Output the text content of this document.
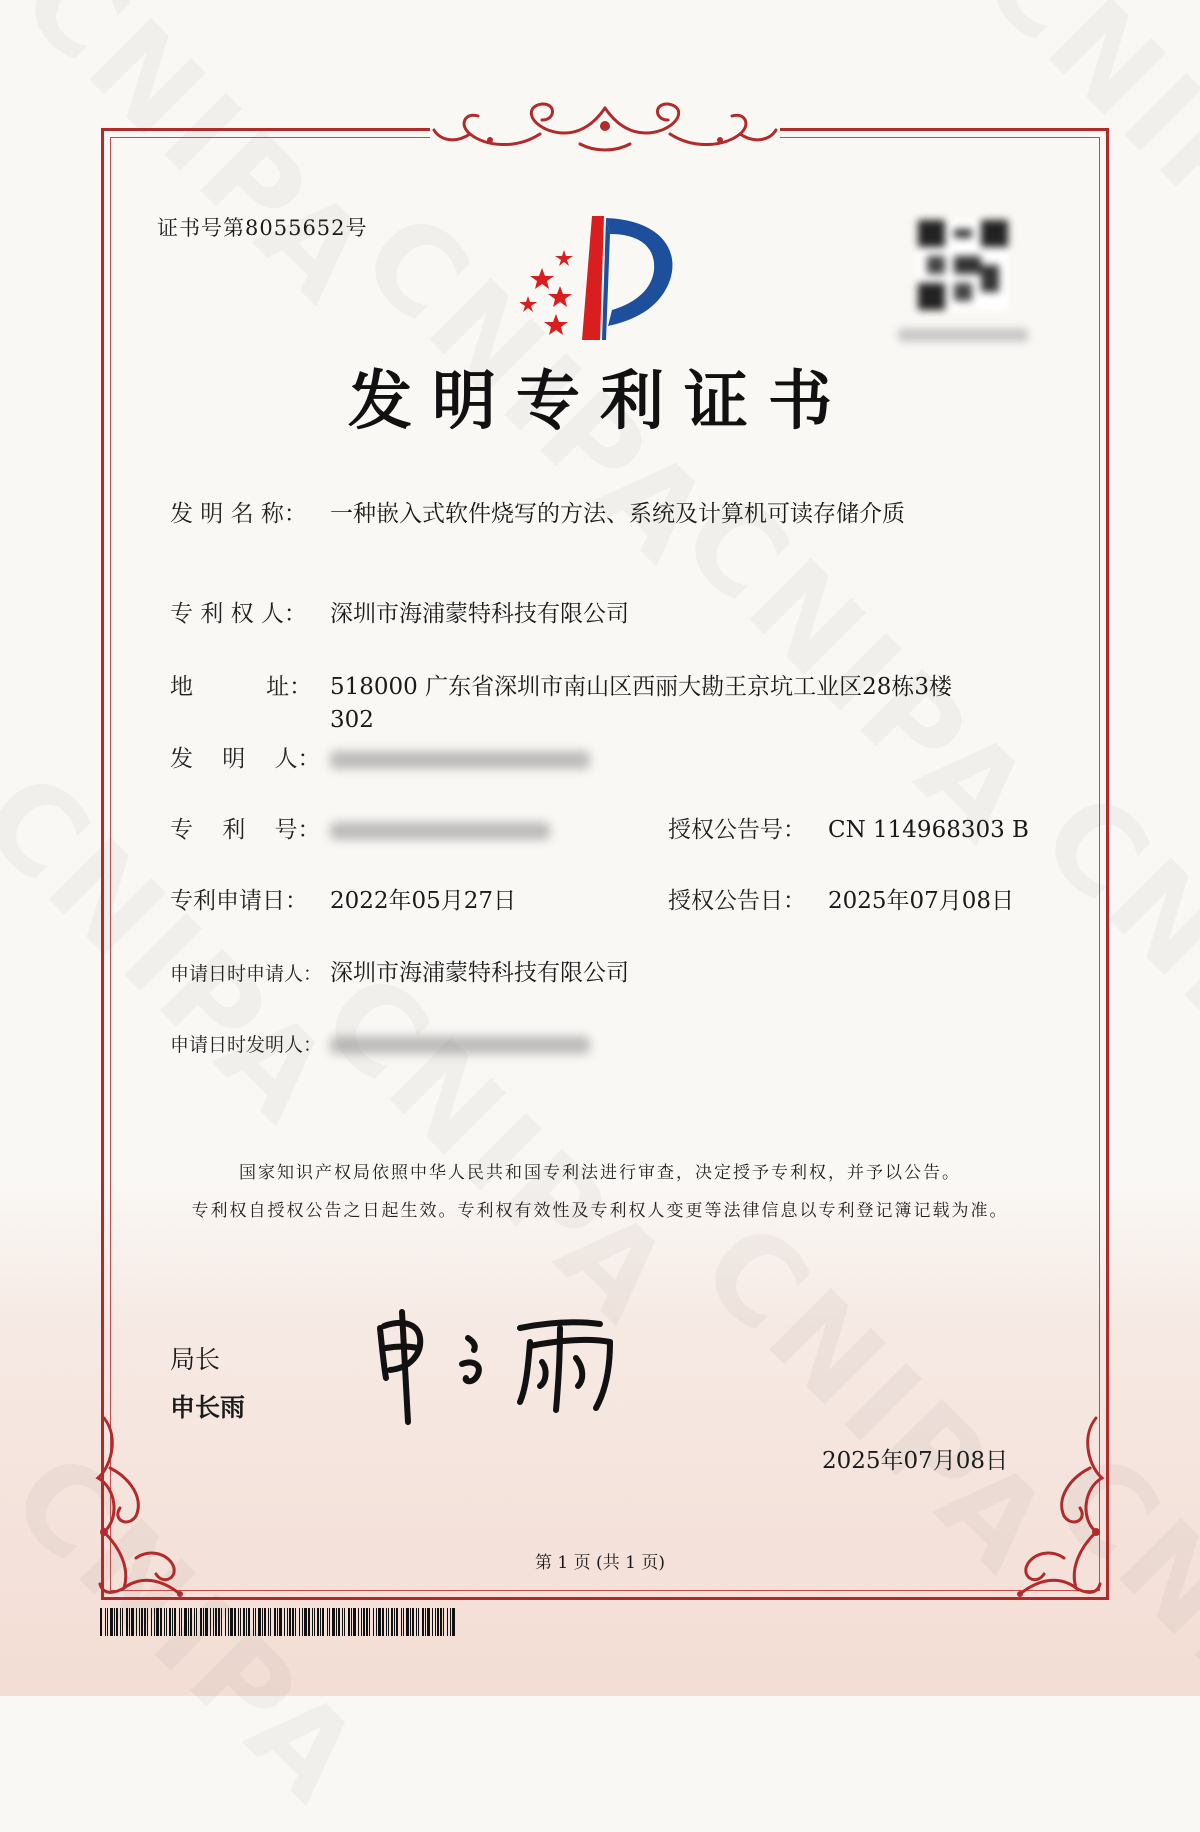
证书号第8055652号
发明专利证书
发 明 名 称： 一种嵌入式软件烧写的方法、系统及计算机可读存储介质
专 利 权 人： 深圳市海浦蒙特科技有限公司
地          址： 518000 广东省深圳市南山区西丽大勘王京坑工业区28栋3楼
302
发    明    人：
专    利    号：	授权公告号： CN 114968303 B
专利申请日： 2022年05月27日	授权公告日： 2025年07月08日
申请日时申请人： 深圳市海浦蒙特科技有限公司
申请日时发明人：
国家知识产权局依照中华人民共和国专利法进行审查，决定授予专利权，并予以公告。
专利权自授权公告之日起生效。专利权有效性及专利权人变更等法律信息以专利登记簿记载为准。
局长
申长雨
2025年07月08日
第 1 页 (共 1 页)
